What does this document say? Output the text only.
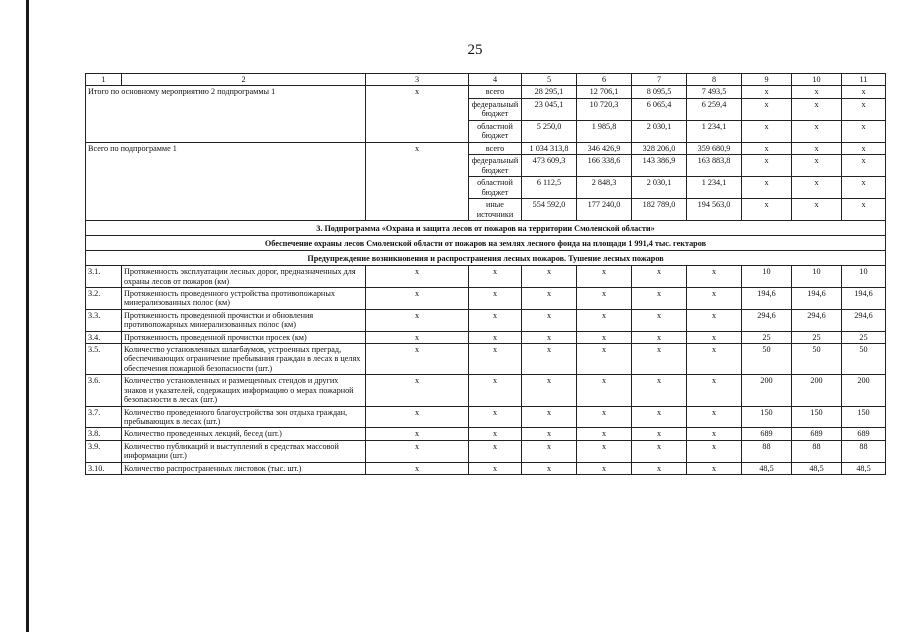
25
1	2	3	4	5	6	7	8	9	10	11
Итого по основному мероприятию 2 подпрограммы 1		x	всего	28 295,1	12 706,1	8 095,5	7 493,5	x	x	x
			федеральный бюджет	23 045,1	10 720,3	6 065,4	6 259,4	x	x	x
			областной бюджет	5 250,0	1 985,8	2 030,1	1 234,1	x	x	x
Всего по подпрограмме 1		x	всего	1 034 313,8	346 426,9	328 206,0	359 680,9	x	x	x
			федеральный бюджет	473 609,3	166 338,6	143 386,9	163 883,8	x	x	x
			областной бюджет	6 112,5	2 848,3	2 030,1	1 234,1	x	x	x
			иные источники	554 592,0	177 240,0	182 789,0	194 563,0	x	x	x
3. Подпрограмма «Охрана и защита лесов от пожаров на территории Смоленской области»										
Обеспечение охраны лесов Смоленской области от пожаров на землях лесного фонда на площади 1 991,4 тыс. гектаров										
Предупреждение возникновения и распространения лесных пожаров. Тушение лесных пожаров										
3.1.	Протяженность эксплуатации лесных дорог, предназначенных для охраны лесов от пожаров (км)	x	x	x	x	x	x	10	10	10
3.2.	Протяженность проведенного устройства противопожарных минерализованных полос (км)	x	x	x	x	x	x	194,6	194,6	194,6
3.3.	Протяженность проведенной прочистки и обновления противопожарных минерализованных полос (км)	x	x	x	x	x	x	294,6	294,6	294,6
3.4.	Протяженность проведенной прочистки просек (км)	x	x	x	x	x	x	25	25	25
3.5.	Количество установленных шлагбаумов, устроенных преград, обеспечивающих ограничение пребывания граждан в лесах в целях обеспечения пожарной безопасности (шт.)	x	x	x	x	x	x	50	50	50
3.6.	Количество установленных и размещенных стендов и других знаков и указателей, содержащих информацию о мерах пожарной безопасности в лесах (шт.)	x	x	x	x	x	x	200	200	200
3.7.	Количество проведенного благоустройства зон отдыха граждан, пребывающих в лесах (шт.)	x	x	x	x	x	x	150	150	150
3.8.	Количество проведенных лекций, бесед (шт.)	x	x	x	x	x	x	689	689	689
3.9.	Количество публикаций и выступлений в средствах массовой информации (шт.)	x	x	x	x	x	x	88	88	88
3.10.	Количество распространенных листовок (тыс. шт.)	x	x	x	x	x	x	48,5	48,5	48,5
